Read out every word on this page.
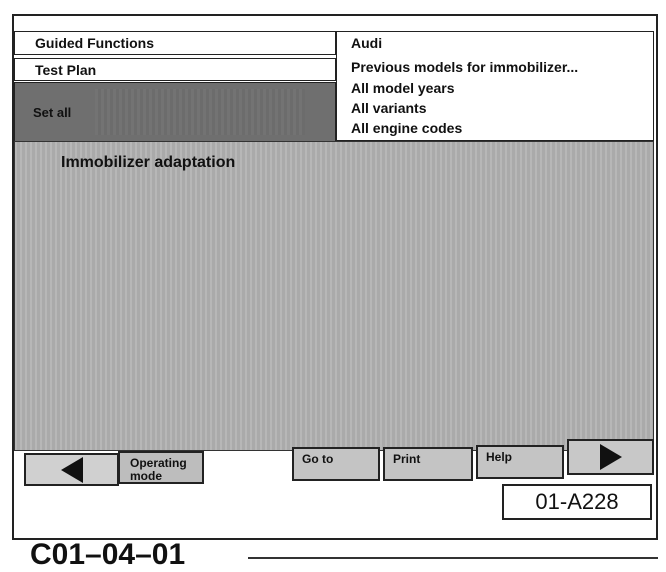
Guided Functions
Test Plan
Set all
Audi
Previous models for immobilizer...
All model years
All variants
All engine codes
Immobilizer adaptation
Operating mode
Go to	Print	Help
01-A228
C01–04–01
